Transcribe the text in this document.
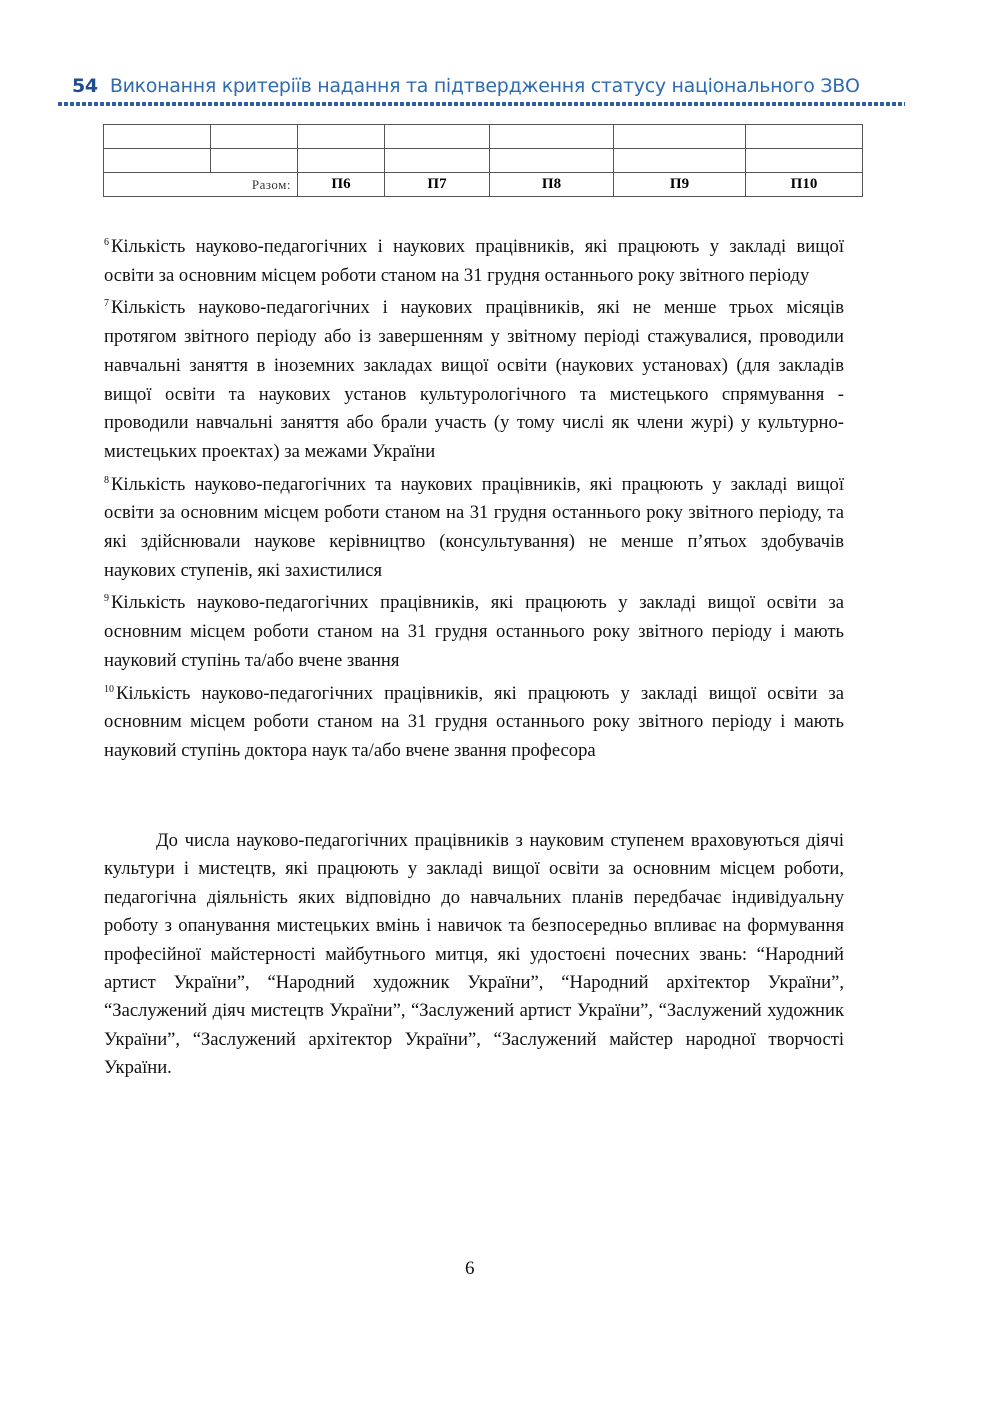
54 Виконання критеріїв надання та підтвердження статусу національного ЗВО

Разом:		П6	П7	П8	П9	П10

$^6$ Кількість науково-педагогічних і наукових працівників, які працюють у закладі вищої освіти за основним місцем роботи станом на 31 грудня останнього року звітного періоду

$^7$ Кількість науково-педагогічних і наукових працівників, які не менше трьох місяців протягом звітного періоду або із завершенням у звітному періоді стажувалися, проводили навчальні заняття в іноземних закладах вищої освіти (наукових установах) (для закладів вищої освіти та наукових установ культурологічного та мистецького спрямування - проводили навчальні заняття або брали участь (у тому числі як члени журі) у культурно-мистецьких проектах) за межами України

$^8$ Кількість науково-педагогічних та наукових працівників, які працюють у закладі вищої освіти за основним місцем роботи станом на 31 грудня останнього року звітного періоду, та які здійснювали наукове керівництво (консультування) не менше п’ятьох здобувачів наукових ступенів, які захистилися

$^9$ Кількість науково-педагогічних працівників, які працюють у закладі вищої освіти за основним місцем роботи станом на 31 грудня останнього року звітного періоду і мають науковий ступінь та/або вчене звання

$^{10}$ Кількість науково-педагогічних працівників, які працюють у закладі вищої освіти за основним місцем роботи станом на 31 грудня останнього року звітного періоду і мають науковий ступінь доктора наук та/або вчене звання професора

До числа науково-педагогічних працівників з науковим ступенем враховуються діячі культури і мистецтв, які працюють у закладі вищої освіти за основним місцем роботи, педагогічна діяльність яких відповідно до навчальних планів передбачає індивідуальну роботу з опанування мистецьких вмінь і навичок та безпосередньо впливає на формування професійної майстерності майбутнього митця, які удостоєні почесних звань: “Народний артист України”, “Народний художник України”, “Народний архітектор України”, “Заслужений діяч мистецтв України”, “Заслужений артист України”, “Заслужений художник України”, “Заслужений архітектор України”, “Заслужений майстер народної творчості України.

6
